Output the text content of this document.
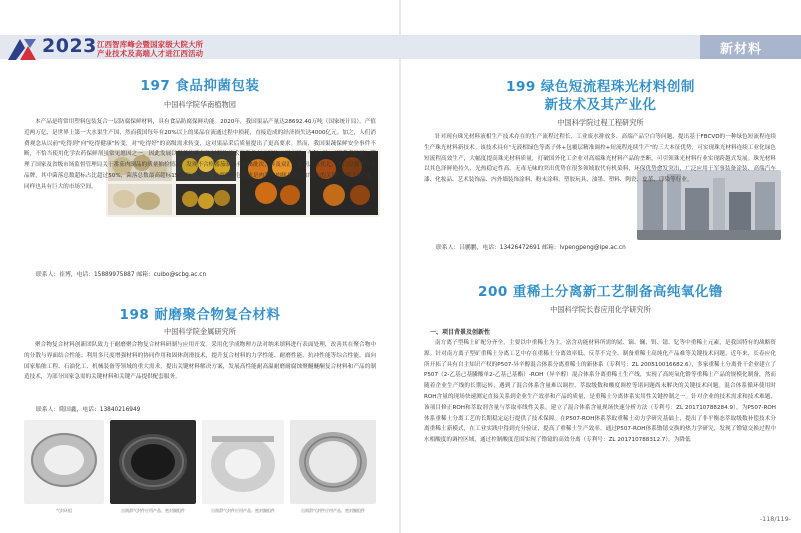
2023 江西智库峰会暨国家级大院大所
产业技术及高端人才进江西活动	新材料
197 食品抑菌包装
中国科学院华南植物园

本产品是将常用塑料包装复合一层防腐保鲜材料，具有食品防腐保鲜功能。2020年，我国果品产量达28692.40万吨（国家统计局），产值近两万亿，是世界上第一大水果生产国，然而我国每年有20%以上的果品在流通过程中损耗，直接造成的经济损失达4000亿元。加之，人们消费观念从以前"吃得到"向"吃得健康"转变，对"吃得好"的高级需求转变，这对果品采后质量提出了更高要求。然而，我国果蔬保鲜安全事件不断，不恰当使用化学农药保鲜剂虽常见愿因之一，因此发展以果蔬抑菌包装材料的技术开发具有广泛的应用市场。今年7月，《消费者报道》整理了国家及省级市场监督管理局关于番茄肉制品的质量抽检情况，发现不合格番茄制品有136批次，涉及双汇、雨润、京优北、湾门豆腐等知名品牌，其中菌落总数超标占比超过50%，菌落总数最高超标1500倍。可见，防腐保鲜包装也是肉类和肉制品加工和销售的关键"卡脖子"问题，同样也具有巨大的市场空间。

联系人：崔博，电话：15889975887 邮箱：cuibo@scbg.ac.cn
198 耐磨聚合物复合材料
中国科学院金属研究所

聚合物复合材料创新团队致力于耐磨聚合物复合材料研制与应用开发。采用化学成物理方法对纳米填料进行表面处理，改善其在聚合物中的分散与界面结合性能；利用多尺度增强材料的协同作用和固体润滑技术，提升复合材料的力学性能、耐磨性能、抗冲性能等综合性能。面向国家船舶工程、石油化工、机械装备等领域的重大需求，提出关键材料解决方案，发展高性能耐高温耐磨耐腐蚀聚醚醚酮复合材料和产品的制造技术，为部分国家急需的关键材料和关键产品提供配套服务。

联系人：隋国鑫，电话：13840216949
气封环组	自润滑气封件应用产品、密封圈组件	自润滑气封件应用产品、密封圈组件	自润滑气封件应用产品、密封圈组件
199 绿色短流程珠光材料创制
新技术及其产业化
中国科学院过程工程研究所

针对现有珠光材料液相生产技术存在的生产流程过程长、工业废水排放多、高端产品空白等问题，提出基于FBCVD的一种绿色短流程连续生产珠光材料新技术。该技术具有"无液相绿色等离子体+包覆层精准调控+短流程连续生产"的三大本征优势，可实现珠光材料连续工业化绿色短流程高效生产，大幅度提高珠光材料质量，打破国外化工企业对高端珠光材料产品的垄断，可引领珠光材料行业实现跨越式发展。珠光材料以其色泽鲜艳持久、光热稳定性高、无毒无味的突出优势在很多领域取代有机染料，环保优势愈发突出，广泛应用于军事装备涂装、高端汽车漆、化妆品、艺术装饰品、内外墙装饰涂料、粉末涂料、塑胶玩具、油墨、塑料、陶瓷、皮革、印染等行业。

联系人：吕鹏鹏，电话：13426472691 邮箱：lvpengpeng@ipe.ac.cn
200 重稀土分离新工艺制备高纯氧化镥
中国科学院长春应用化学研究所
一、项目背景及创新性

南方离子型稀土矿配分齐全，主要以中重稀土为主，富含功能材料所需的铽、镝、镧、铒、镱、钇等中重稀土元素，是我国特有的战略资源。针对南方离子型矿重稀土分离工艺中存在重稀土分离效率低、反萃不完全、制备重稀土高纯化产品难等关键技术问题。近年来，长春应化所开拓了具有自主知识产权的P507-异辛醇混合体系分离重稀土的新体系（专利号：ZL 200510016682.6），多家重稀土分离骨干企业建立了P507（2-乙基己基膦酸单2-乙基己基酯）-ROH（异辛醇）混合体系分离重稀土生产线，实现了高纯氧化镥等重稀土产品的规模化制备，然而随着企业生产线的长期运转，遇到了混合体系含量难以调控、萃取级数和酸度调控等诸问题尚未解决的关键技术问题。混合体系循环使用时ROH含量的现场快速测定直接关系到企业生产效率和产品的质量，是重稀土分离体系实用性关键控制之一。针对企业的技术需求和技术难题，该项目修正ROH和萃取剂含量与萃取率线性关系，建立了混合体系含量现场快速分析方法（专利号：ZL 201710788284.9），为P507-ROH体系重稀土分离工艺的长期稳定运行提供了技术保障。在P507-ROH体系萃取重稀土动力学研究基础上，提出了非平衡态萃取级数补偿技术分离重稀土新模式，在工业实践中得到充分验证，提高了重稀土生产效率。通过P507-ROH体系镥镱交换的热力学研究，发现了镥镱交换过程中水相酸度的调控区域，通过控制酸度范围实现了镥镱的高效分离（专利号：ZL 201710788312.7），为降低

-118/119-
